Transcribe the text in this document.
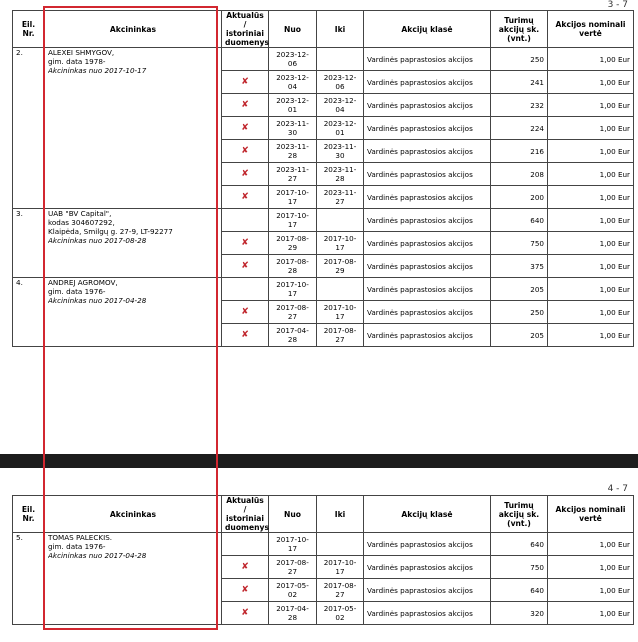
3 - 7
Eil. Nr.	Akcininkas	Aktualūs /
istoriniai
duomenys	Nuo	Iki	Akcijų klasė	Turimų
akcijų sk.
(vnt.)	Akcijos nominali
vertė
2.	ALEXEI SHMYGOV,
gim. data 1978-
Akcininkas nuo 2017-10-17		2023-12-06		Vardinės paprastosios akcijos	250	1,00 Eur
		✘	2023-12-04	2023-12-06	Vardinės paprastosios akcijos	241	1,00 Eur
		✘	2023-12-01	2023-12-04	Vardinės paprastosios akcijos	232	1,00 Eur
		✘	2023-11-30	2023-12-01	Vardinės paprastosios akcijos	224	1,00 Eur
		✘	2023-11-28	2023-11-30	Vardinės paprastosios akcijos	216	1,00 Eur
		✘	2023-11-27	2023-11-28	Vardinės paprastosios akcijos	208	1,00 Eur
		✘	2017-10-17	2023-11-27	Vardinės paprastosios akcijos	200	1,00 Eur
3.	UAB "BV Capital",
kodas 304607292,
Klaipėda, Smilgų g. 27-9, LT-92277
Akcininkas nuo 2017-08-28		2017-10-17		Vardinės paprastosios akcijos	640	1,00 Eur
		✘	2017-08-29	2017-10-17	Vardinės paprastosios akcijos	750	1,00 Eur
		✘	2017-08-28	2017-08-29	Vardinės paprastosios akcijos	375	1,00 Eur
4.	ANDREJ AGROMOV,
gim. data 1976-
Akcininkas nuo 2017-04-28		2017-10-17		Vardinės paprastosios akcijos	205	1,00 Eur
		✘	2017-08-27	2017-10-17	Vardinės paprastosios akcijos	250	1,00 Eur
		✘	2017-04-28	2017-08-27	Vardinės paprastosios akcijos	205	1,00 Eur
4 - 7
Eil. Nr.	Akcininkas	Aktualūs /
istoriniai
duomenys	Nuo	Iki	Akcijų klasė	Turimų
akcijų sk.
(vnt.)	Akcijos nominali
vertė
5.	TOMAS PALECKIS.
gim. data 1976-
Akcininkas nuo 2017-04-28		2017-10-17		Vardinės paprastosios akcijos	640	1,00 Eur
		✘	2017-08-27	2017-10-17	Vardinės paprastosios akcijos	750	1,00 Eur
		✘	2017-05-02	2017-08-27	Vardinės paprastosios akcijos	640	1,00 Eur
		✘	2017-04-28	2017-05-02	Vardinės paprastosios akcijos	320	1,00 Eur
